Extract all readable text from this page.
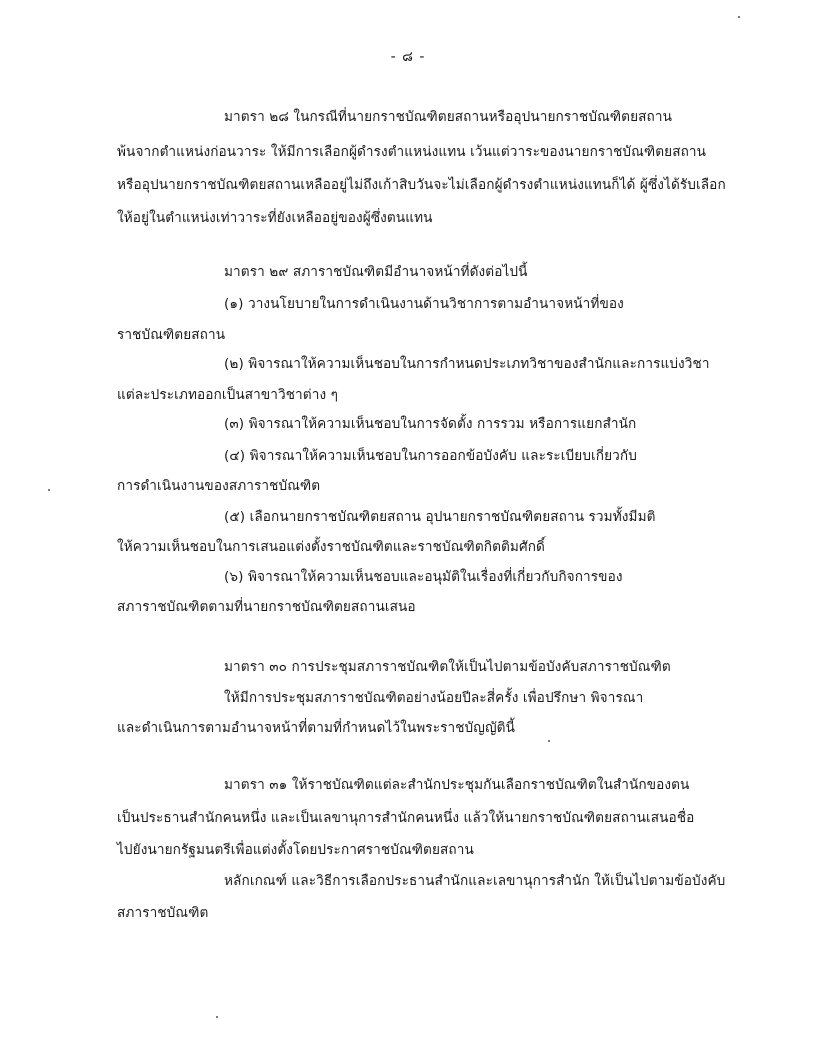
- ๘ -
มาตรา ๒๘ ในกรณีที่นายกราชบัณฑิตยสถานหรืออุปนายกราชบัณฑิตยสถาน
พ้นจากตำแหน่งก่อนวาระ ให้มีการเลือกผู้ดำรงตำแหน่งแทน เว้นแต่วาระของนายกราชบัณฑิตยสถาน
หรืออุปนายกราชบัณฑิตยสถานเหลืออยู่ไม่ถึงเก้าสิบวันจะไม่เลือกผู้ดำรงตำแหน่งแทนก็ได้ ผู้ซึ่งได้รับเลือก
ให้อยู่ในตำแหน่งเท่าวาระที่ยังเหลืออยู่ของผู้ซึ่งตนแทน
มาตรา ๒๙ สภาราชบัณฑิตมีอำนาจหน้าที่ดังต่อไปนี้
(๑) วางนโยบายในการดำเนินงานด้านวิชาการตามอำนาจหน้าที่ของ
ราชบัณฑิตยสถาน
(๒) พิจารณาให้ความเห็นชอบในการกำหนดประเภทวิชาของสำนักและการแบ่งวิชา
แต่ละประเภทออกเป็นสาขาวิชาต่าง ๆ
(๓) พิจารณาให้ความเห็นชอบในการจัดตั้ง การรวม หรือการแยกสำนัก
(๔) พิจารณาให้ความเห็นชอบในการออกข้อบังคับ และระเบียบเกี่ยวกับ
การดำเนินงานของสภาราชบัณฑิต
(๕) เลือกนายกราชบัณฑิตยสถาน อุปนายกราชบัณฑิตยสถาน รวมทั้งมีมติ
ให้ความเห็นชอบในการเสนอแต่งตั้งราชบัณฑิตและราชบัณฑิตกิตติมศักดิ์
(๖) พิจารณาให้ความเห็นชอบและอนุมัติในเรื่องที่เกี่ยวกับกิจการของ
สภาราชบัณฑิตตามที่นายกราชบัณฑิตยสถานเสนอ
มาตรา ๓๐ การประชุมสภาราชบัณฑิตให้เป็นไปตามข้อบังคับสภาราชบัณฑิต
ให้มีการประชุมสภาราชบัณฑิตอย่างน้อยปีละสี่ครั้ง เพื่อปรึกษา พิจารณา
และดำเนินการตามอำนาจหน้าที่ตามที่กำหนดไว้ในพระราชบัญญัตินี้
มาตรา ๓๑ ให้ราชบัณฑิตแต่ละสำนักประชุมกันเลือกราชบัณฑิตในสำนักของตน
เป็นประธานสำนักคนหนึ่ง และเป็นเลขานุการสำนักคนหนึ่ง แล้วให้นายกราชบัณฑิตยสถานเสนอชื่อ
ไปยังนายกรัฐมนตรีเพื่อแต่งตั้งโดยประกาศราชบัณฑิตยสถาน
หลักเกณฑ์ และวิธีการเลือกประธานสำนักและเลขานุการสำนัก ให้เป็นไปตามข้อบังคับ
สภาราชบัณฑิต
